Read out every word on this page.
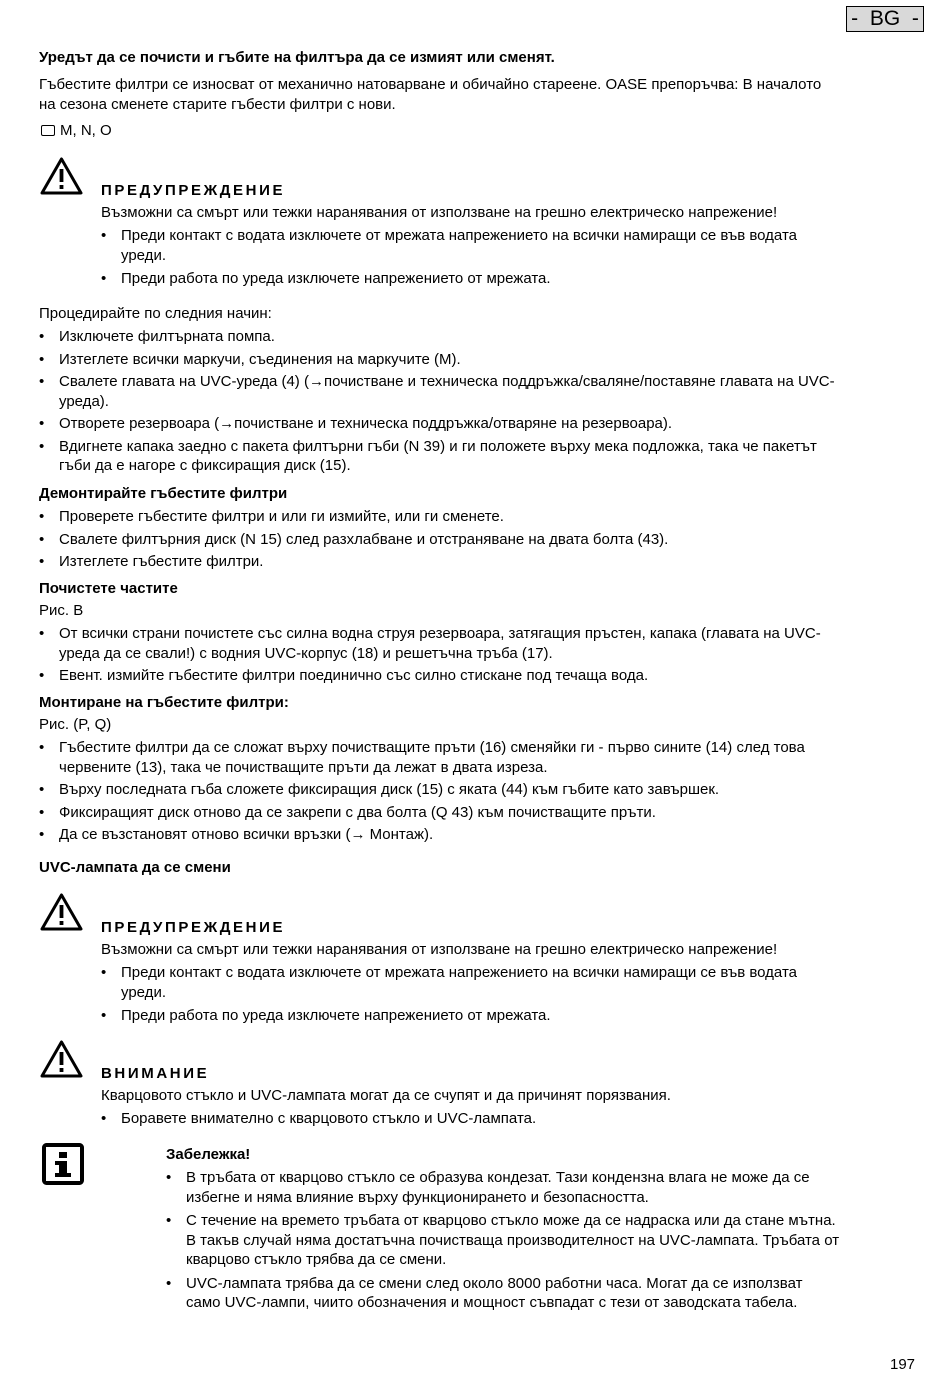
-  BG  -
Уредът да се почисти и гъбите на филтъра да се измият или сменят.
Гъбестите филтри се износват от механично натоварване и обичайно стареене. OASE препоръчва: В началото
на сезона сменете старите гъбести филтри с нови.
M, N, O
ПРЕДУПРЕЖДЕНИЕ
Възможни са смърт или тежки наранявания от използване на грешно електрическо напрежение!
• Преди контакт с водата изключете от мрежата напрежението на всички намиращи се във водата
уреди.
• Преди работа по уреда изключете напрежението от мрежата.
Процедирайте по следния начин:
• Изключете филтърната помпа.
• Изтеглете всички маркучи, съединения на маркучите (M).
• Свалете главата на UVC-уреда (4) (→почистване и техническа поддръжка/сваляне/поставяне главата на UVC-
уреда).
• Отворете резервоара (→почистване и техническа поддръжка/отваряне на резервоара).
• Вдигнете капака заедно с пакета филтърни гъби (N 39) и ги положете върху мека подложка, така че пакетът
гъби да е нагоре с фиксиращия диск (15).
Демонтирайте гъбестите филтри
• Проверете гъбестите филтри и или ги измийте, или ги сменете.
• Свалете филтърния диск (N 15) след разхлабване и отстраняване на двата болта (43).
• Изтеглете гъбестите филтри.
Почистете частите
Рис. B
• От всички страни почистете със силна водна струя резервоара, затягащия пръстен, капака (главата на UVC-
уреда да се свали!) с водния UVC-корпус (18) и решетъчна тръба (17).
• Евент. измийте гъбестите филтри поединично със силно стискане под течаща вода.
Монтиране на гъбестите филтри:
Рис. (P, Q)
• Гъбестите филтри да се сложат върху почистващите пръти (16) сменяйки ги - първо сините (14) след това
червените (13), така че почистващите пръти да лежат в двата изреза.
• Върху последната гъба сложете фиксиращия диск (15) с яката (44) към гъбите като завършек.
• Фиксиращият диск отново да се закрепи с два болта (Q 43) към почистващите пръти.
• Да се възстановят отново всички връзки (→ Монтаж).
UVC-лампата да се смени
ПРЕДУПРЕЖДЕНИЕ
Възможни са смърт или тежки наранявания от използване на грешно електрическо напрежение!
• Преди контакт с водата изключете от мрежата напрежението на всички намиращи се във водата
уреди.
• Преди работа по уреда изключете напрежението от мрежата.
ВНИМАНИЕ
Кварцовото стъкло и UVC-лампата могат да се счупят и да причинят порязвания.
• Боравете внимателно с кварцовото стъкло и UVC-лампата.
Забележка!
• В тръбата от кварцово стъкло се образува кондезат. Тази кондензна влага не може да се
избегне и няма влияние върху функционирането и безопасността.
• С течение на времето тръбата от кварцово стъкло може да се надраска или да стане мътна.
В такъв случай няма достатъчна почистваща производителност на UVC-лампата. Тръбата от
кварцово стъкло трябва да се смени.
• UVC-лампата трябва да се смени след около 8000 работни часа. Могат да се използват
само UVC-лампи, чиито обозначения и мощност съвпадат с тези от заводската табела.
197
